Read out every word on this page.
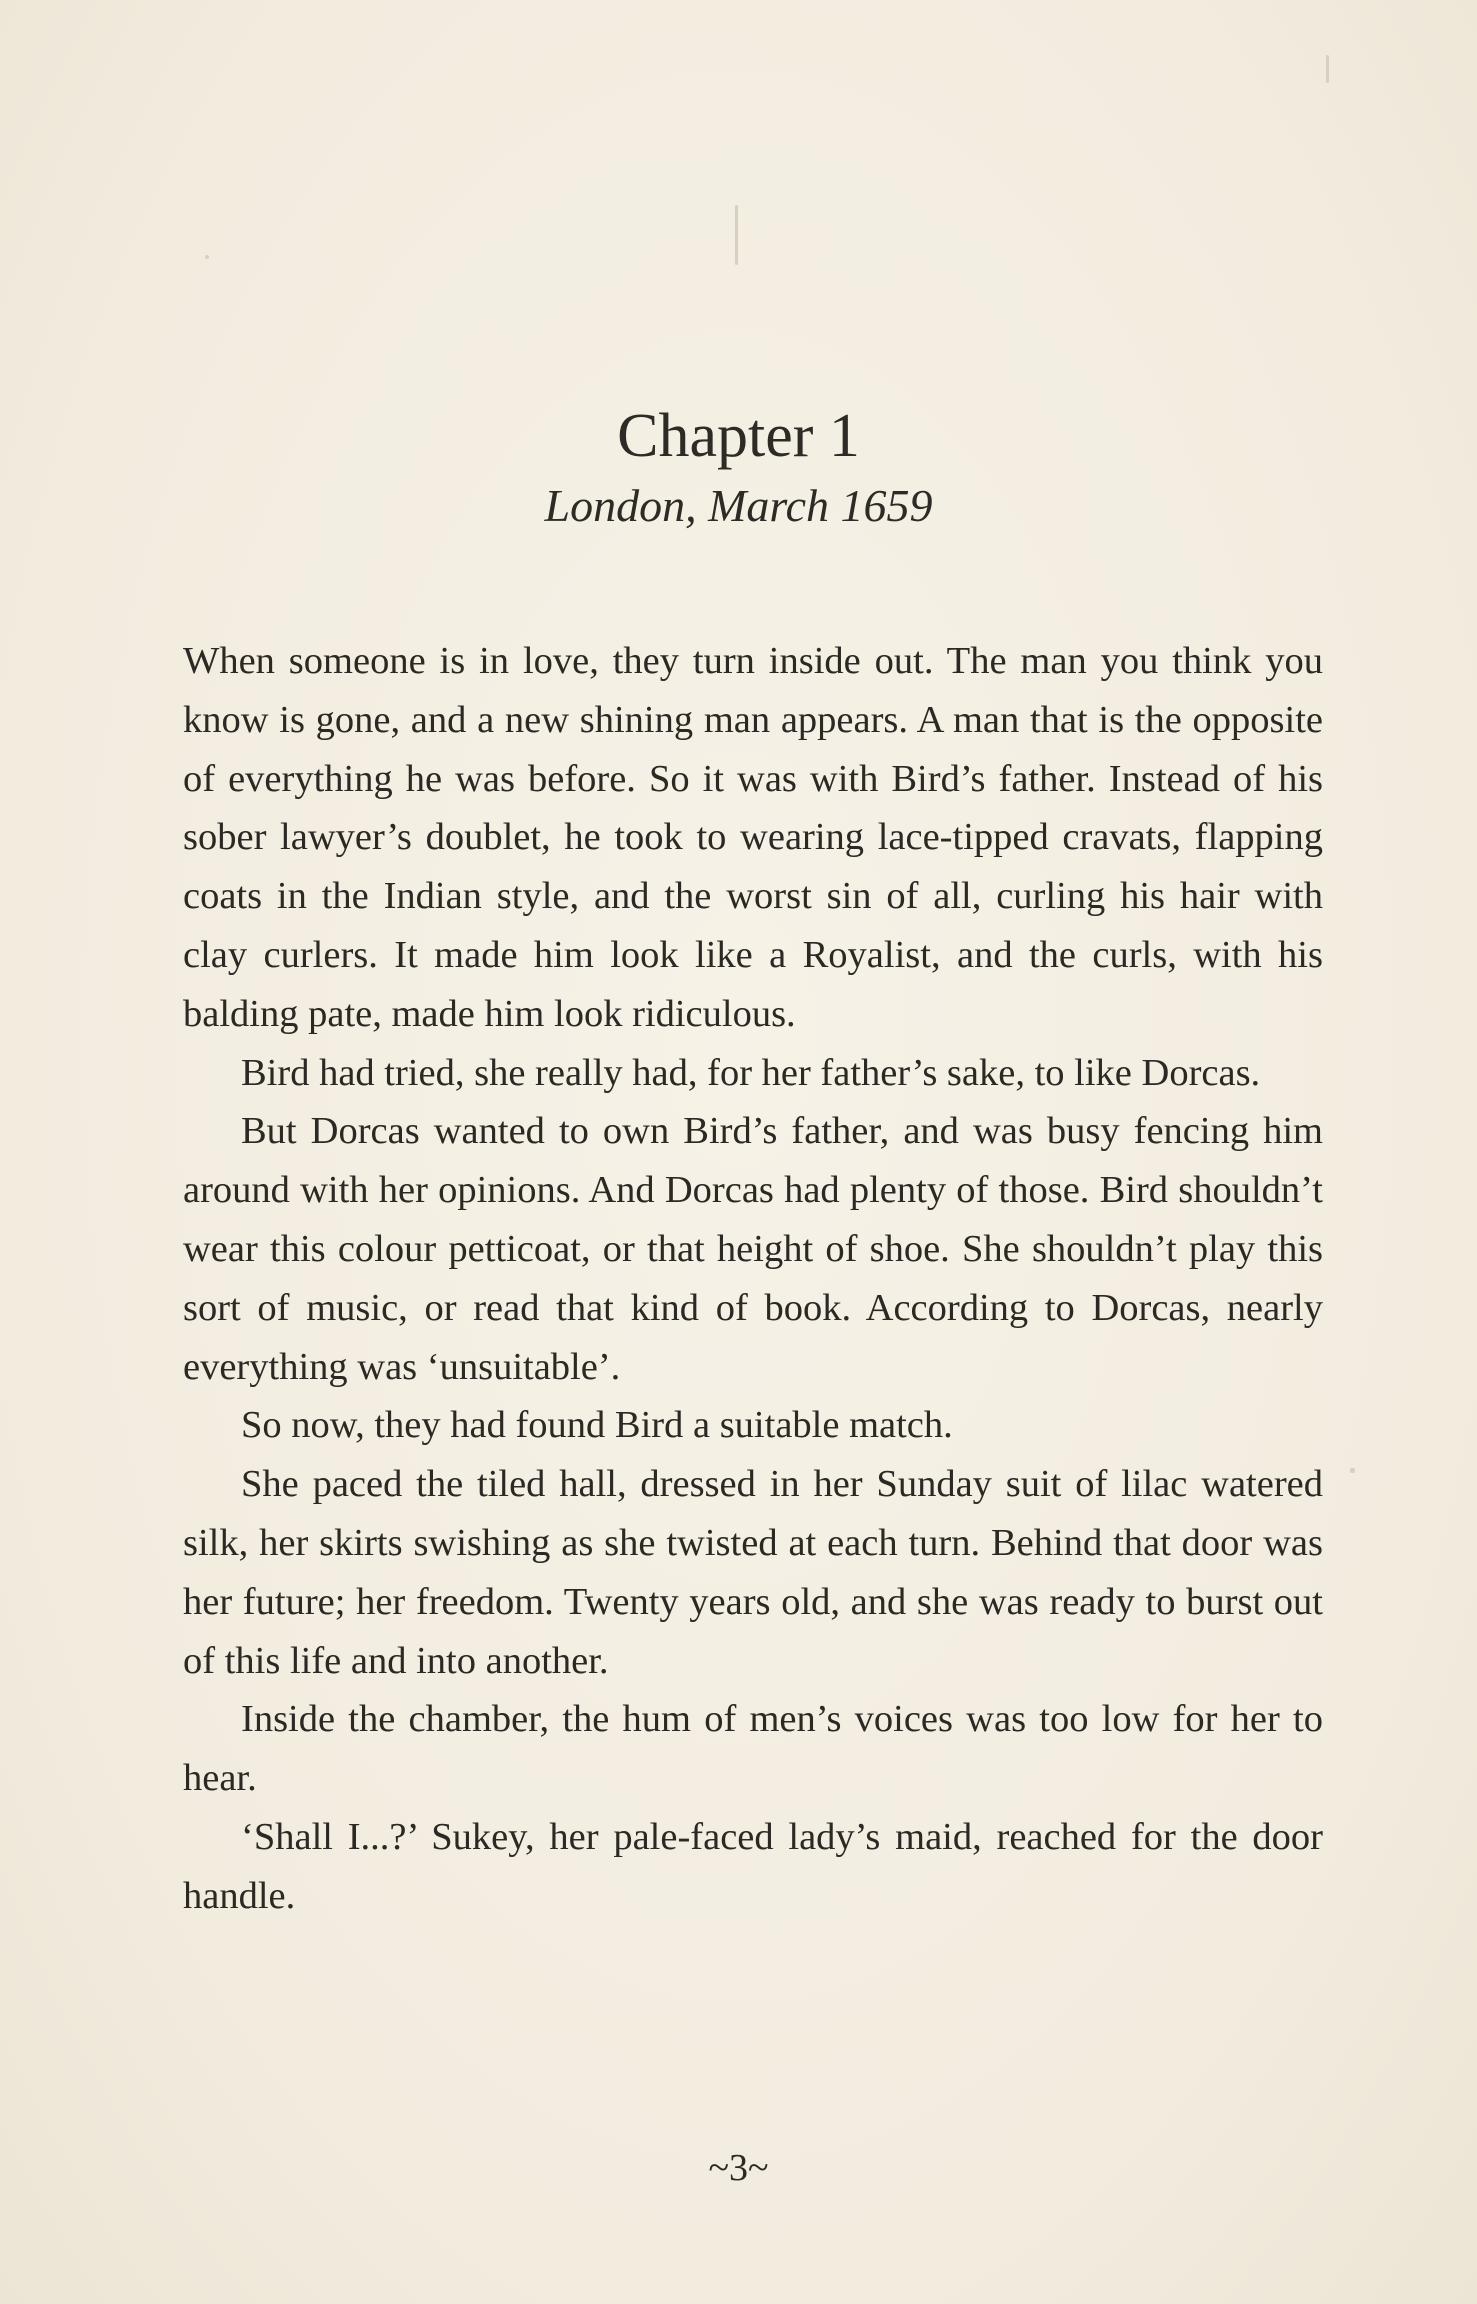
Chapter 1
London, March 1659

When someone is in love, they turn inside out. The man you think you know is gone, and a new shining man appears. A man that is the opposite of everything he was before. So it was with Bird’s father. Instead of his sober lawyer’s doublet, he took to wearing lace-tipped cravats, flapping coats in the Indian style, and the worst sin of all, curling his hair with clay curlers. It made him look like a Royalist, and the curls, with his balding pate, made him look ridiculous.

Bird had tried, she really had, for her father’s sake, to like Dorcas.

But Dorcas wanted to own Bird’s father, and was busy fencing him around with her opinions. And Dorcas had plenty of those. Bird shouldn’t wear this colour petticoat, or that height of shoe. She shouldn’t play this sort of music, or read that kind of book. According to Dorcas, nearly everything was ‘unsuitable’.

So now, they had found Bird a suitable match.

She paced the tiled hall, dressed in her Sunday suit of lilac watered silk, her skirts swishing as she twisted at each turn. Behind that door was her future; her freedom. Twenty years old, and she was ready to burst out of this life and into another.

Inside the chamber, the hum of men’s voices was too low for her to hear.

‘Shall I...?’ Sukey, her pale-faced lady’s maid, reached for the door handle.

~3~
